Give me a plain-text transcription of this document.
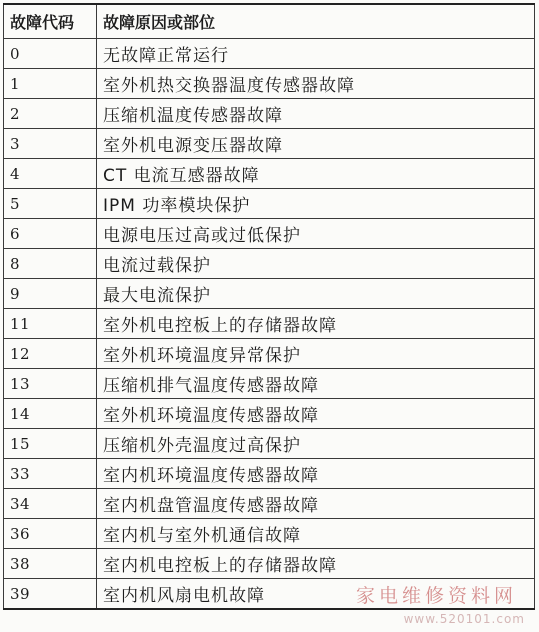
故障代码	故障原因或部位
0	无故障正常运行
1	室外机热交换器温度传感器故障
2	压缩机温度传感器故障
3	室外机电源变压器故障
4	CT 电流互感器故障
5	IPM 功率模块保护
6	电源电压过高或过低保护
8	电流过载保护
9	最大电流保护
11	室外机电控板上的存储器故障
12	室外机环境温度异常保护
13	压缩机排气温度传感器故障
14	室外机环境温度传感器故障
15	压缩机外壳温度过高保护
33	室内机环境温度传感器故障
34	室内机盘管温度传感器故障
36	室内机与室外机通信故障
38	室内机电控板上的存储器故障
39	室内机风扇电机故障	家电维修资料网
www.520101.com
